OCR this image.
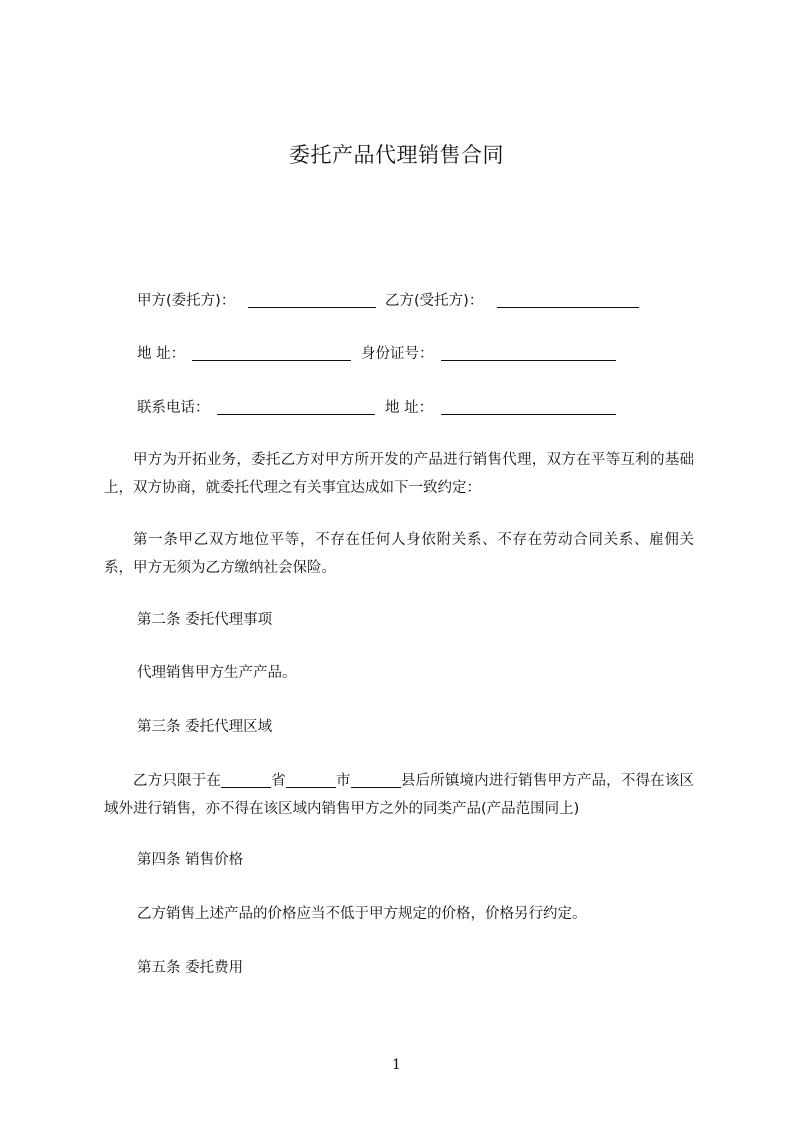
委托产品代理销售合同
甲方(委托方)：	乙方(受托方)：
地 址：	身份证号：
联系电话：	地 址：
甲方为开拓业务，委托乙方对甲方所开发的产品进行销售代理，双方在平等互利的基础上，双方协商，就委托代理之有关事宜达成如下一致约定：
第一条甲乙双方地位平等，不存在任何人身依附关系、不存在劳动合同关系、雇佣关系，甲方无须为乙方缴纳社会保险。
第二条 委托代理事项
代理销售甲方生产产品。
第三条 委托代理区域
乙方只限于在	省	市	县后所镇境内进行销售甲方产品，不得在该区域外进行销售，亦不得在该区域内销售甲方之外的同类产品(产品范围同上)
第四条 销售价格
乙方销售上述产品的价格应当不低于甲方规定的价格，价格另行约定。
第五条 委托费用
1
